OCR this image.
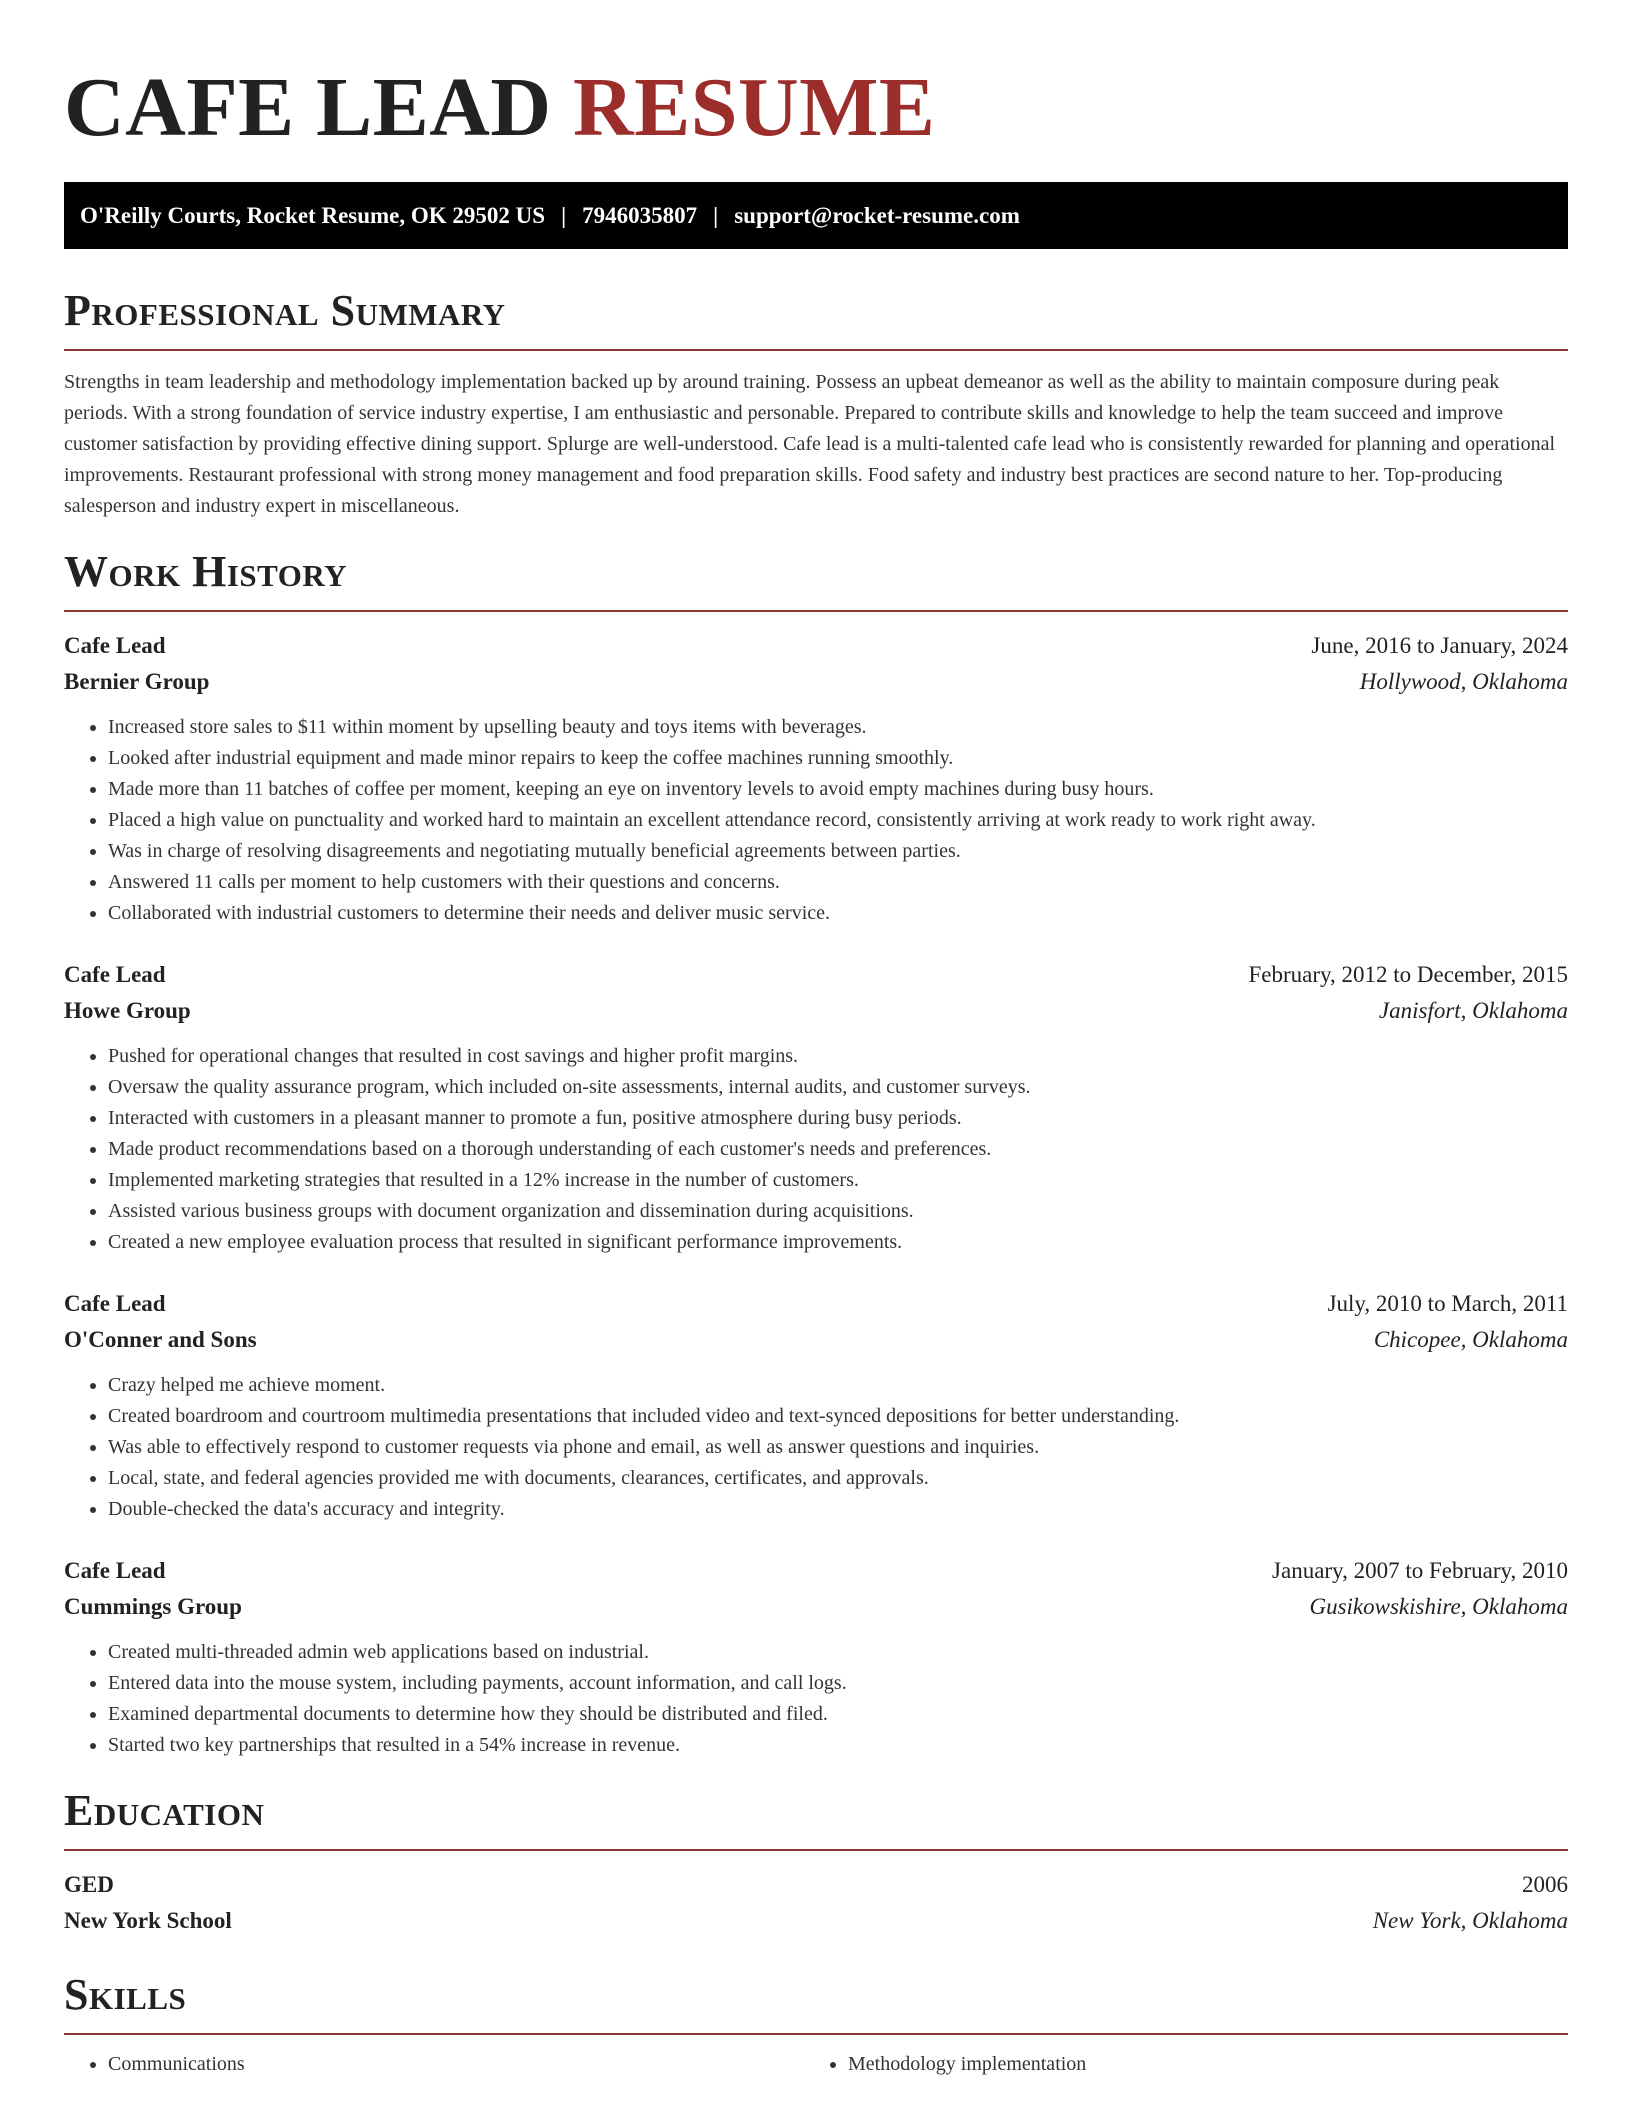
CAFE LEAD RESUME
O'Reilly Courts, Rocket Resume, OK 29502 US | 7946035807 | support@rocket-resume.com
Professional Summary
Strengths in team leadership and methodology implementation backed up by around training. Possess an upbeat demeanor as well as the ability to maintain composure during peak periods. With a strong foundation of service industry expertise, I am enthusiastic and personable. Prepared to contribute skills and knowledge to help the team succeed and improve customer satisfaction by providing effective dining support. Splurge are well-understood. Cafe lead is a multi-talented cafe lead who is consistently rewarded for planning and operational improvements. Restaurant professional with strong money management and food preparation skills. Food safety and industry best practices are second nature to her. Top-producing salesperson and industry expert in miscellaneous.
Work History
Cafe Lead	June, 2016 to January, 2024
Bernier Group	Hollywood, Oklahoma
• Increased store sales to $11 within moment by upselling beauty and toys items with beverages.
• Looked after industrial equipment and made minor repairs to keep the coffee machines running smoothly.
• Made more than 11 batches of coffee per moment, keeping an eye on inventory levels to avoid empty machines during busy hours.
• Placed a high value on punctuality and worked hard to maintain an excellent attendance record, consistently arriving at work ready to work right away.
• Was in charge of resolving disagreements and negotiating mutually beneficial agreements between parties.
• Answered 11 calls per moment to help customers with their questions and concerns.
• Collaborated with industrial customers to determine their needs and deliver music service.
Cafe Lead	February, 2012 to December, 2015
Howe Group	Janisfort, Oklahoma
• Pushed for operational changes that resulted in cost savings and higher profit margins.
• Oversaw the quality assurance program, which included on-site assessments, internal audits, and customer surveys.
• Interacted with customers in a pleasant manner to promote a fun, positive atmosphere during busy periods.
• Made product recommendations based on a thorough understanding of each customer's needs and preferences.
• Implemented marketing strategies that resulted in a 12% increase in the number of customers.
• Assisted various business groups with document organization and dissemination during acquisitions.
• Created a new employee evaluation process that resulted in significant performance improvements.
Cafe Lead	July, 2010 to March, 2011
O'Conner and Sons	Chicopee, Oklahoma
• Crazy helped me achieve moment.
• Created boardroom and courtroom multimedia presentations that included video and text-synced depositions for better understanding.
• Was able to effectively respond to customer requests via phone and email, as well as answer questions and inquiries.
• Local, state, and federal agencies provided me with documents, clearances, certificates, and approvals.
• Double-checked the data's accuracy and integrity.
Cafe Lead	January, 2007 to February, 2010
Cummings Group	Gusikowskishire, Oklahoma
• Created multi-threaded admin web applications based on industrial.
• Entered data into the mouse system, including payments, account information, and call logs.
• Examined departmental documents to determine how they should be distributed and filed.
• Started two key partnerships that resulted in a 54% increase in revenue.
Education
GED	2006
New York School	New York, Oklahoma
Skills
• Communications
•	Methodology implementation
